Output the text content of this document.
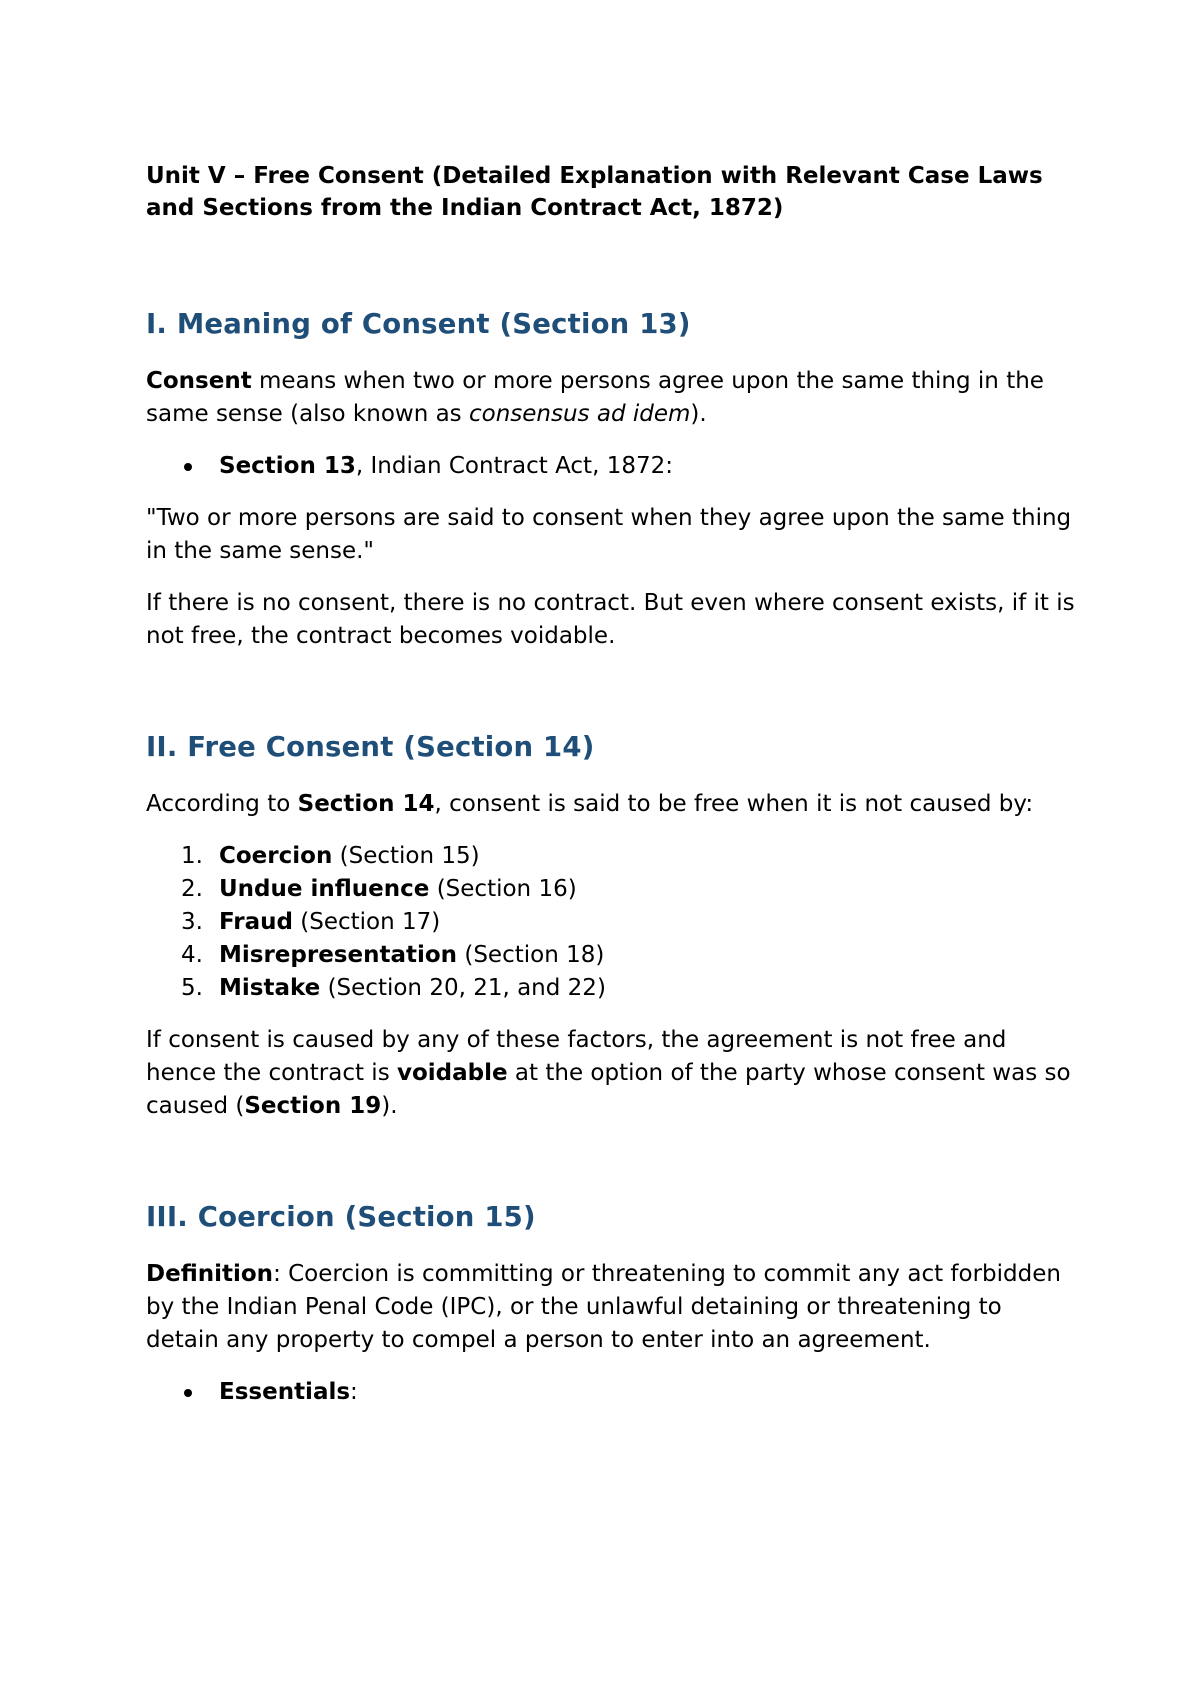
Unit V – Free Consent (Detailed Explanation with Relevant Case Laws and Sections from the Indian Contract Act, 1872)
I. Meaning of Consent (Section 13)

Consent means when two or more persons agree upon the same thing in the same sense (also known as consensus ad idem).

Section 13, Indian Contract Act, 1872:

"Two or more persons are said to consent when they agree upon the same thing in the same sense."

If there is no consent, there is no contract. But even where consent exists, if it is not free, the contract becomes voidable.

II. Free Consent (Section 14)

According to Section 14, consent is said to be free when it is not caused by:

1. Coercion (Section 15)
2. Undue influence (Section 16)
3. Fraud (Section 17)
4. Misrepresentation (Section 18)
5. Mistake (Section 20, 21, and 22)

If consent is caused by any of these factors, the agreement is not free and hence the contract is voidable at the option of the party whose consent was so caused (Section 19).

III. Coercion (Section 15)

Definition: Coercion is committing or threatening to commit any act forbidden by the Indian Penal Code (IPC), or the unlawful detaining or threatening to detain any property to compel a person to enter into an agreement.

Essentials:
